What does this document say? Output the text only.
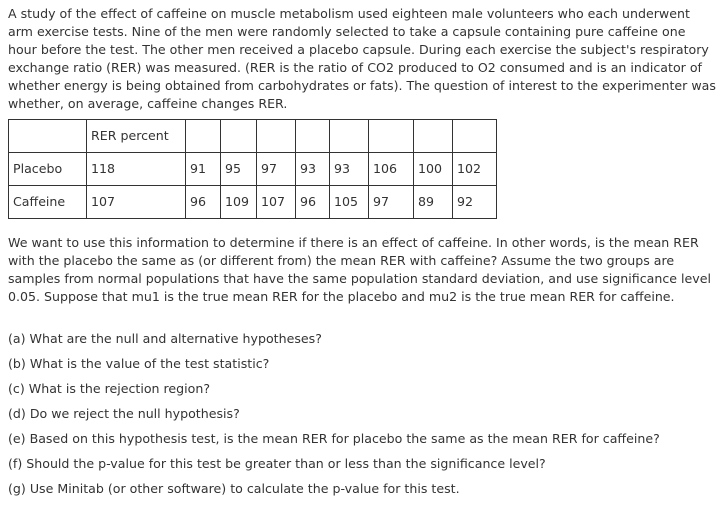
A study of the effect of caffeine on muscle metabolism used eighteen male volunteers who each underwent arm exercise tests. Nine of the men were randomly selected to take a capsule containing pure caffeine one hour before the test. The other men received a placebo capsule. During each exercise the subject's respiratory exchange ratio (RER) was measured. (RER is the ratio of CO2 produced to O2 consumed and is an indicator of whether energy is being obtained from carbohydrates or fats). The question of interest to the experimenter was whether, on average, caffeine changes RER.

	RER percent								
Placebo	118	91	95	97	93	93	106	100	102
Caffeine	107	96	109	107	96	105	97	89	92

We want to use this information to determine if there is an effect of caffeine. In other words, is the mean RER with the placebo the same as (or different from) the mean RER with caffeine? Assume the two groups are samples from normal populations that have the same population standard deviation, and use significance level 0.05. Suppose that mu1 is the true mean RER for the placebo and mu2 is the true mean RER for caffeine.

(a) What are the null and alternative hypotheses?
(b) What is the value of the test statistic?
(c) What is the rejection region?
(d) Do we reject the null hypothesis?
(e) Based on this hypothesis test, is the mean RER for placebo the same as the mean RER for caffeine?
(f) Should the p-value for this test be greater than or less than the significance level?
(g) Use Minitab (or other software) to calculate the p-value for this test.
